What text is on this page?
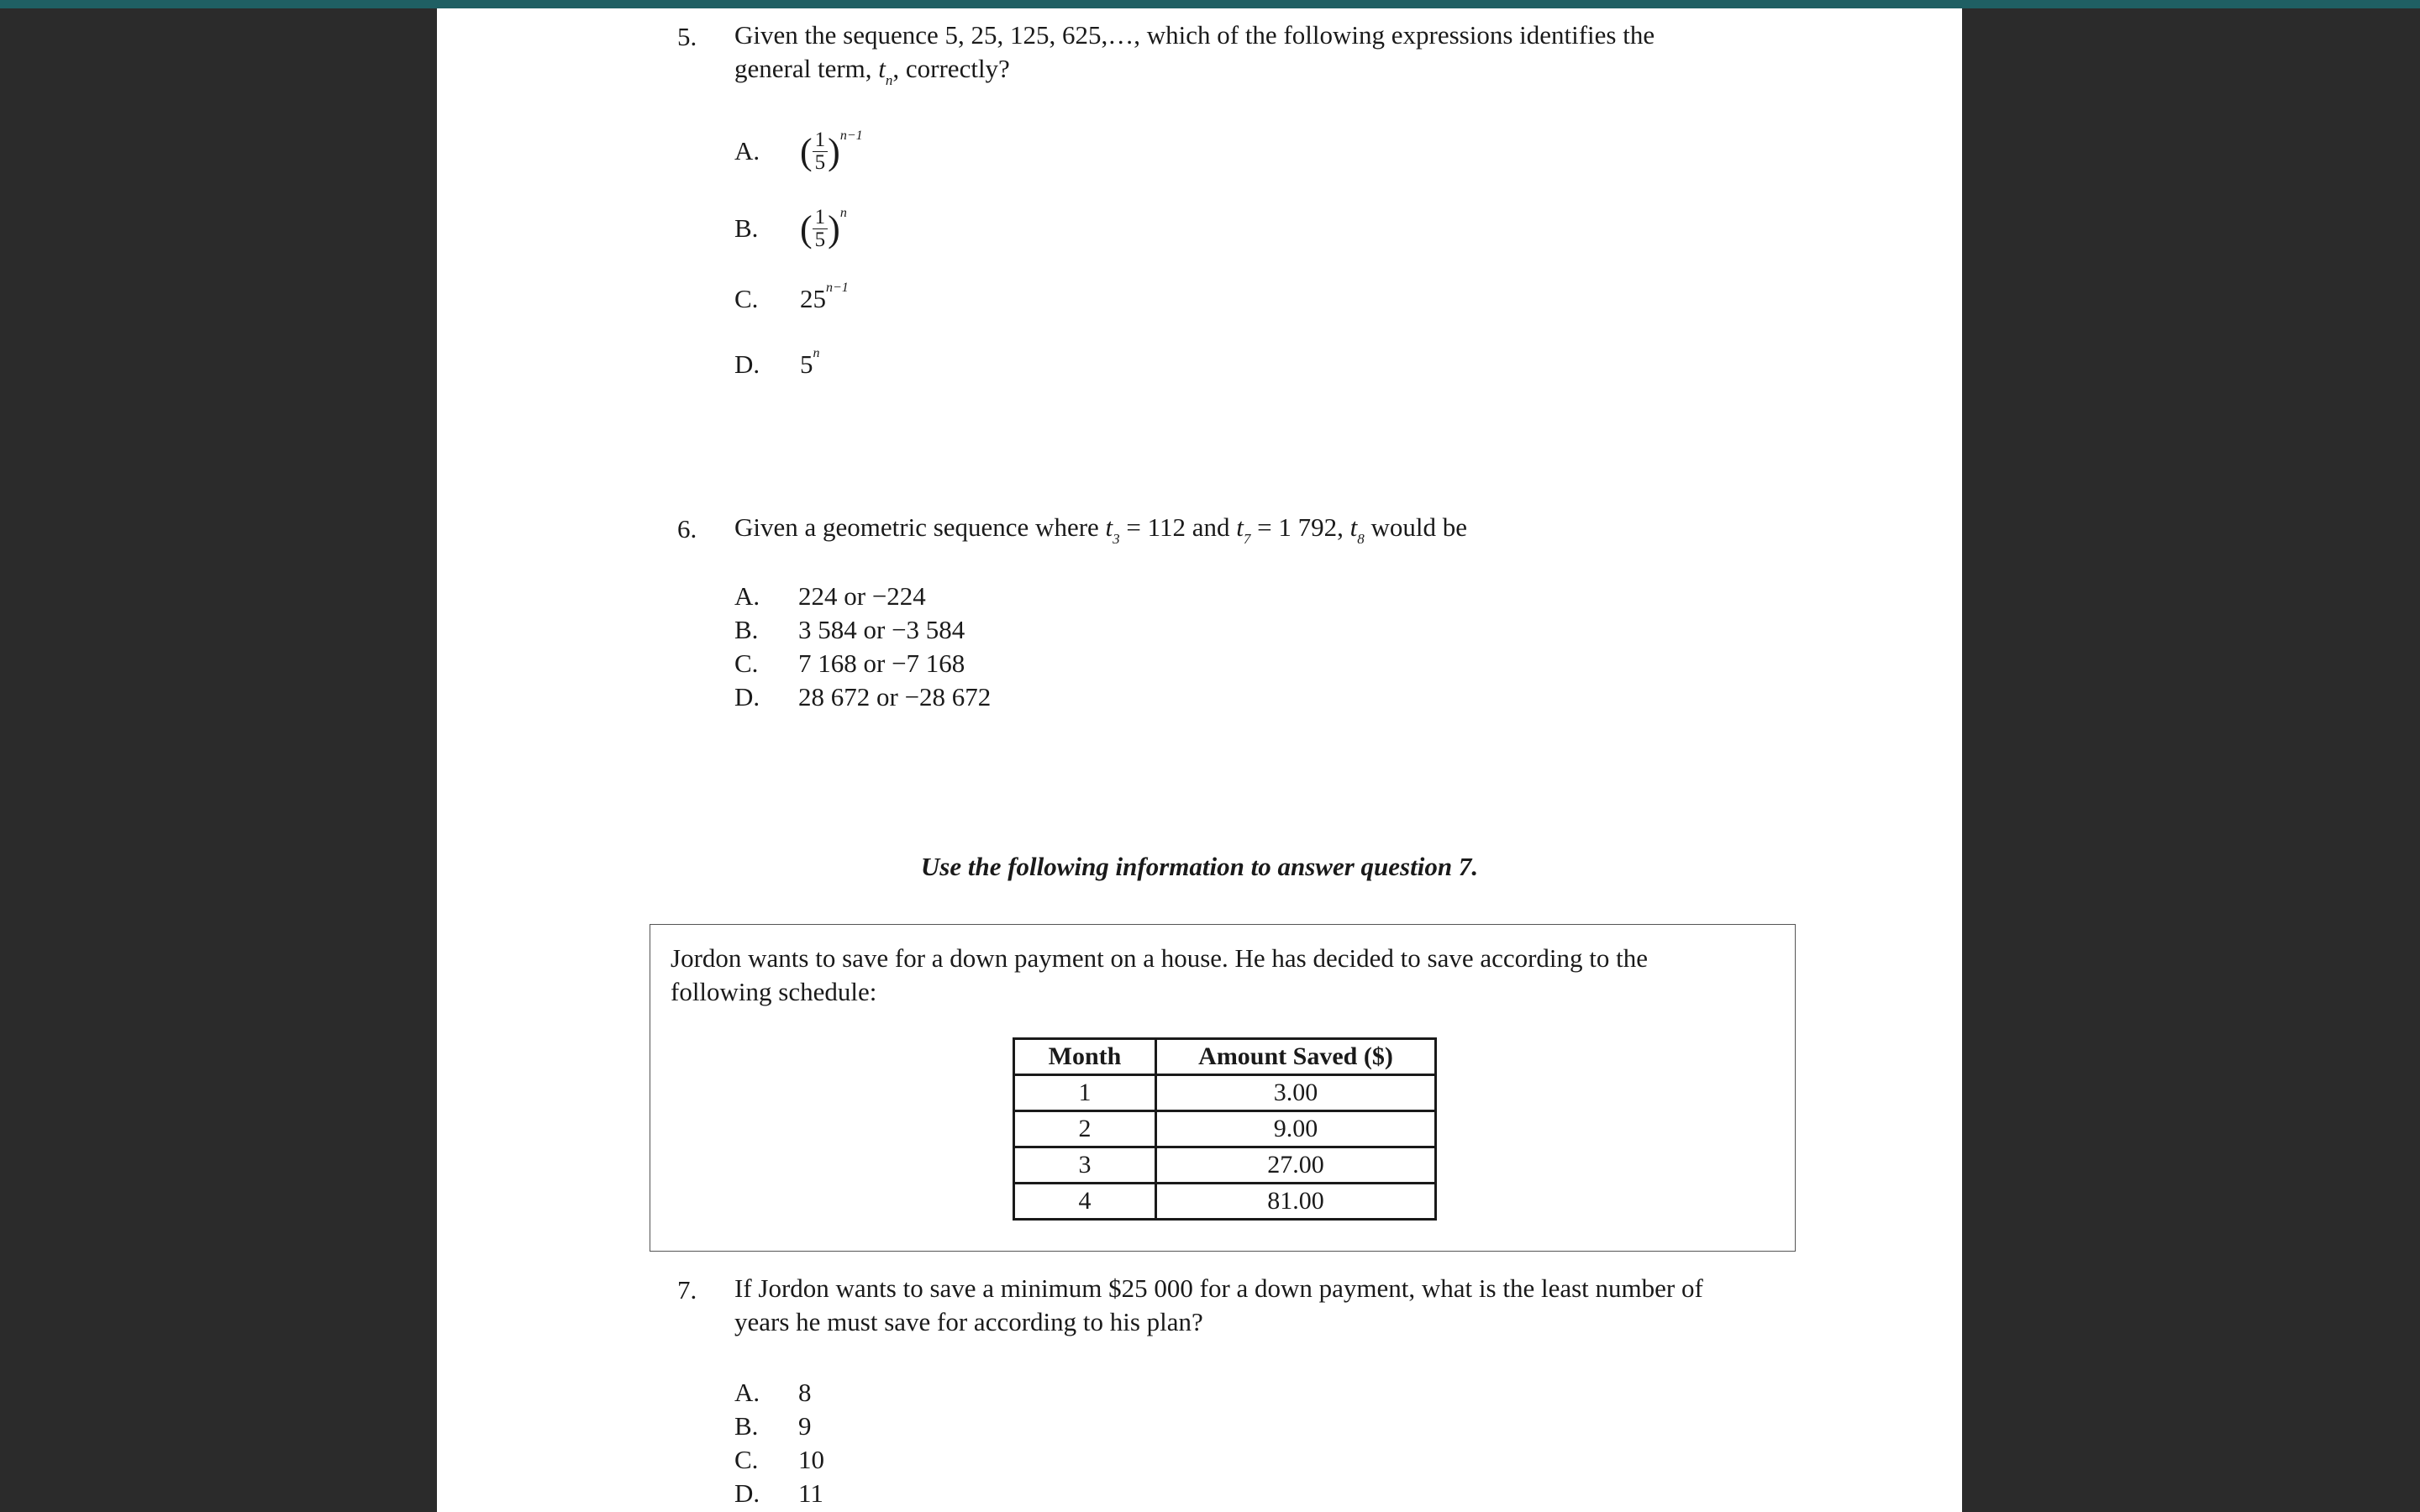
5. Given the sequence 5, 25, 125, 625,…, which of the following expressions identifies the
general term, $t_n$, correctly?
A.	( $\frac{1}{5}$ ) n−1
B.	( $\frac{1}{5}$ ) n
C. $25^{n-1}$
D. 5$^n$
6. Given a geometric sequence where $t_3 = 112$ and $t_7 = 1$ 792, $t_8$ would be
A. 224 or −224
B. 3 584 or −3 584
C. 7 168 or −7 168
D. 28 672 or −28 672
Use the following information to answer question 7.
Jordon wants to save for a down payment on a house. He has decided to save according to the
following schedule:
Month	Amount Saved ($)
1	3.00
2	9.00
3	27.00
4	81.00
7. If Jordon wants to save a minimum $25 000 for a down payment, what is the least number of
years he must save for according to his plan?
A. 8
B. 9
C. 10
D. 11
